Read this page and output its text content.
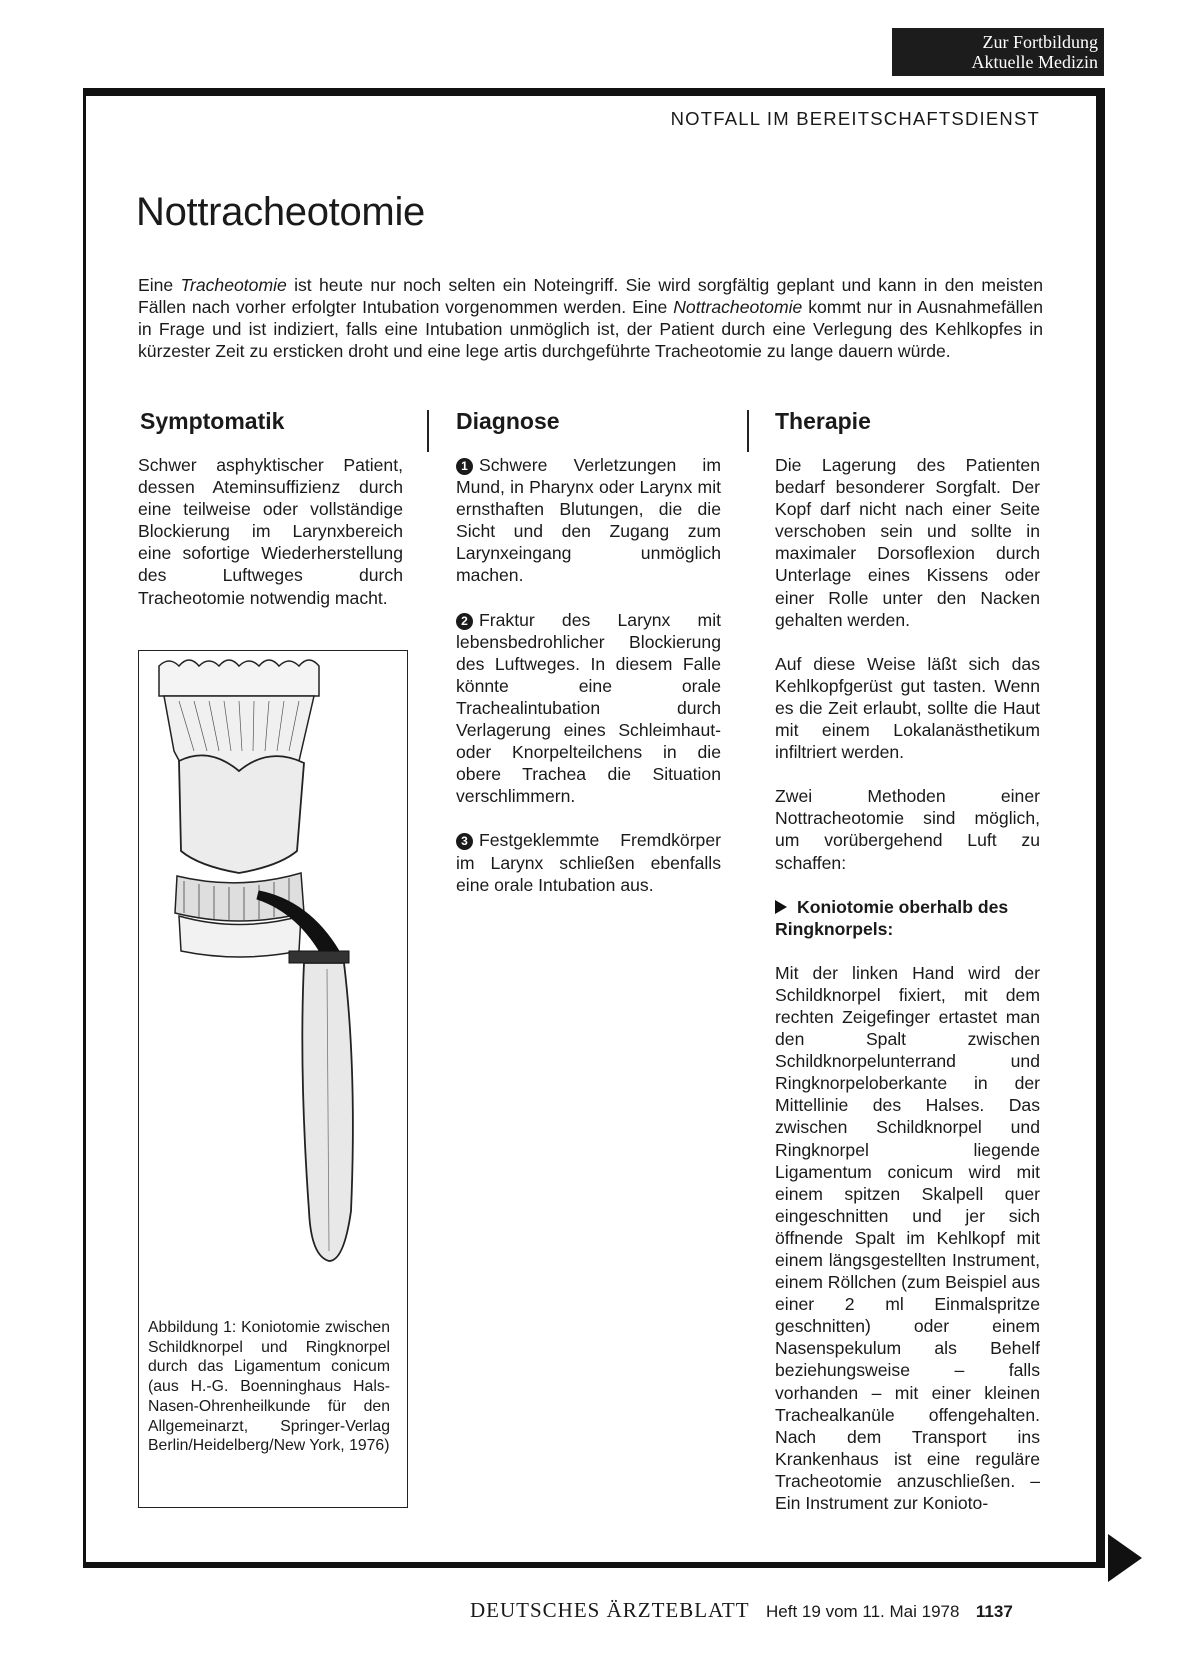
Zur Fortbildung
Aktuelle Medizin
NOTFALL IM BEREITSCHAFTSDIENST
Nottracheotomie

Eine Tracheotomie ist heute nur noch selten ein Noteingriff. Sie wird sorgfältig geplant und kann in den meisten Fällen nach vorher erfolgter Intubation vorgenommen werden. Eine Nottracheotomie kommt nur in Ausnahmefällen in Frage und ist indiziert, falls eine Intubation unmöglich ist, der Patient durch eine Verlegung des Kehlkopfes in kürzester Zeit zu ersticken droht und eine lege artis durchgeführte Tracheotomie zu lange dauern würde.

Symptomatik	Diagnose	Therapie

Schwer asphyktischer Patient, dessen Ateminsuffizienz durch eine teilweise oder vollständige Blockierung im Larynxbereich eine sofortige Wiederherstellung des Luftweges durch Tracheotomie notwendig macht.

Abbildung 1: Koniotomie zwischen Schildknorpel und Ringknorpel durch das Ligamentum conicum (aus H.-G. Boenninghaus Hals-Nasen-Ohrenheilkunde für den Allgemeinarzt, Springer-Verlag Berlin/Heidelberg/New York, 1976)

1 Schwere Verletzungen im Mund, in Pharynx oder Larynx mit ernsthaften Blutungen, die die Sicht und den Zugang zum Larynxeingang unmöglich machen.

2 Fraktur des Larynx mit lebensbedrohlicher Blockierung des Luftweges. In diesem Falle könnte eine orale Trachealintubation durch Verlagerung eines Schleimhaut- oder Knorpelteilchens in die obere Trachea die Situation verschlimmern.

3 Festgeklemmte Fremdkörper im Larynx schließen ebenfalls eine orale Intubation aus.

Die Lagerung des Patienten bedarf besonderer Sorgfalt. Der Kopf darf nicht nach einer Seite verschoben sein und sollte in maximaler Dorsoflexion durch Unterlage eines Kissens oder einer Rolle unter den Nacken gehalten werden.

Auf diese Weise läßt sich das Kehlkopfgerüst gut tasten. Wenn es die Zeit erlaubt, sollte die Haut mit einem Lokalanästhetikum infiltriert werden.

Zwei Methoden einer Nottracheotomie sind möglich, um vorübergehend Luft zu schaffen:

Koniotomie oberhalb des Ringknorpels:

Mit der linken Hand wird der Schildknorpel fixiert, mit dem rechten Zeigefinger ertastet man den Spalt zwischen Schildknorpelunterrand und Ringknorpeloberkante in der Mittellinie des Halses. Das zwischen Schildknorpel und Ringknorpel liegende Ligamentum conicum wird mit einem spitzen Skalpell quer eingeschnitten und jer sich öffnende Spalt im Kehlkopf mit einem längsgestellten Instrument, einem Röllchen (zum Beispiel aus einer 2 ml Einmalspritze geschnitten) oder einem Nasenspekulum als Behelf beziehungsweise – falls vorhanden – mit einer kleinen Trachealkanüle offengehalten. Nach dem Transport ins Krankenhaus ist eine reguläre Tracheotomie anzuschließen. – Ein Instrument zur Konioto-

DEUTSCHES ÄRZTEBLATT Heft 19 vom 11. Mai 1978 1137
